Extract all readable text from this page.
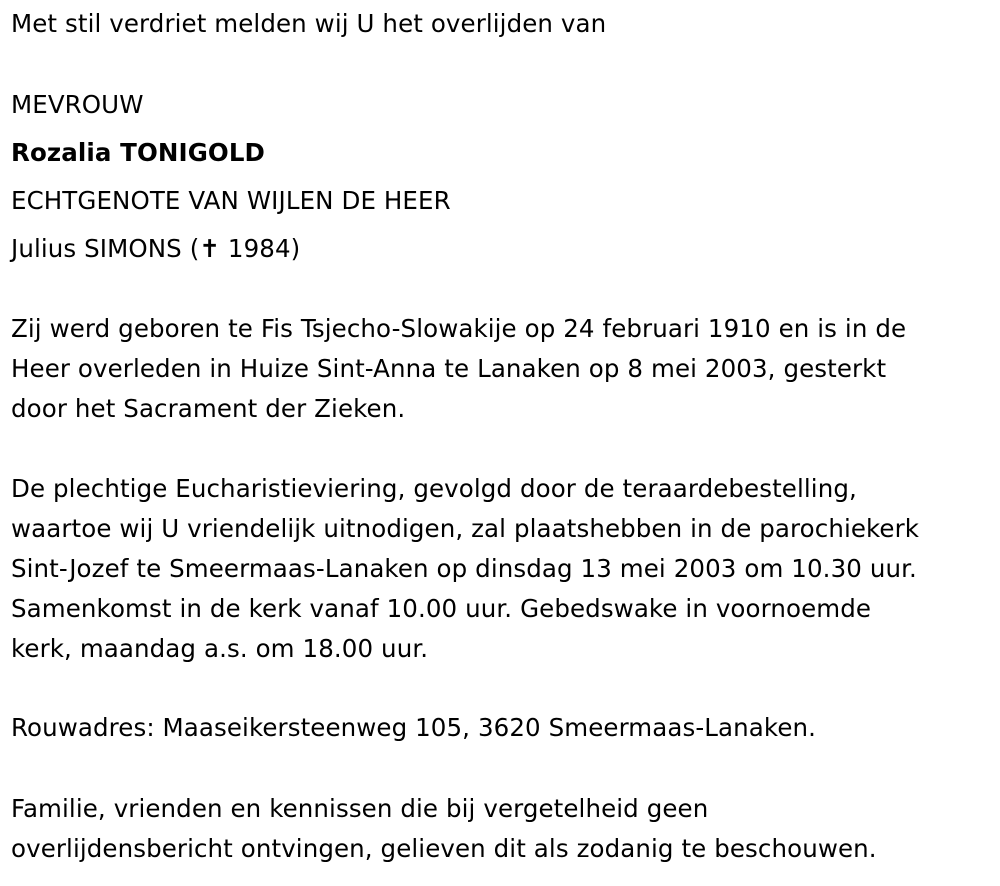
Met stil verdriet melden wij U het overlijden van
MEVROUW
Rozalia TONIGOLD
ECHTGENOTE VAN WIJLEN DE HEER
Julius SIMONS (✝ 1984)
Zij werd geboren te Fis Tsjecho-Slowakije op 24 februari 1910 en is in de
Heer overleden in Huize Sint-Anna te Lanaken op 8 mei 2003, gesterkt
door het Sacrament der Zieken.
De plechtige Eucharistieviering, gevolgd door de teraardebestelling,
waartoe wij U vriendelijk uitnodigen, zal plaatshebben in de parochiekerk
Sint-Jozef te Smeermaas-Lanaken op dinsdag 13 mei 2003 om 10.30 uur.
Samenkomst in de kerk vanaf 10.00 uur. Gebedswake in voornoemde
kerk, maandag a.s. om 18.00 uur.
Rouwadres: Maaseikersteenweg 105, 3620 Smeermaas-Lanaken.
Familie, vrienden en kennissen die bij vergetelheid geen
overlijdensbericht ontvingen, gelieven dit als zodanig te beschouwen.
